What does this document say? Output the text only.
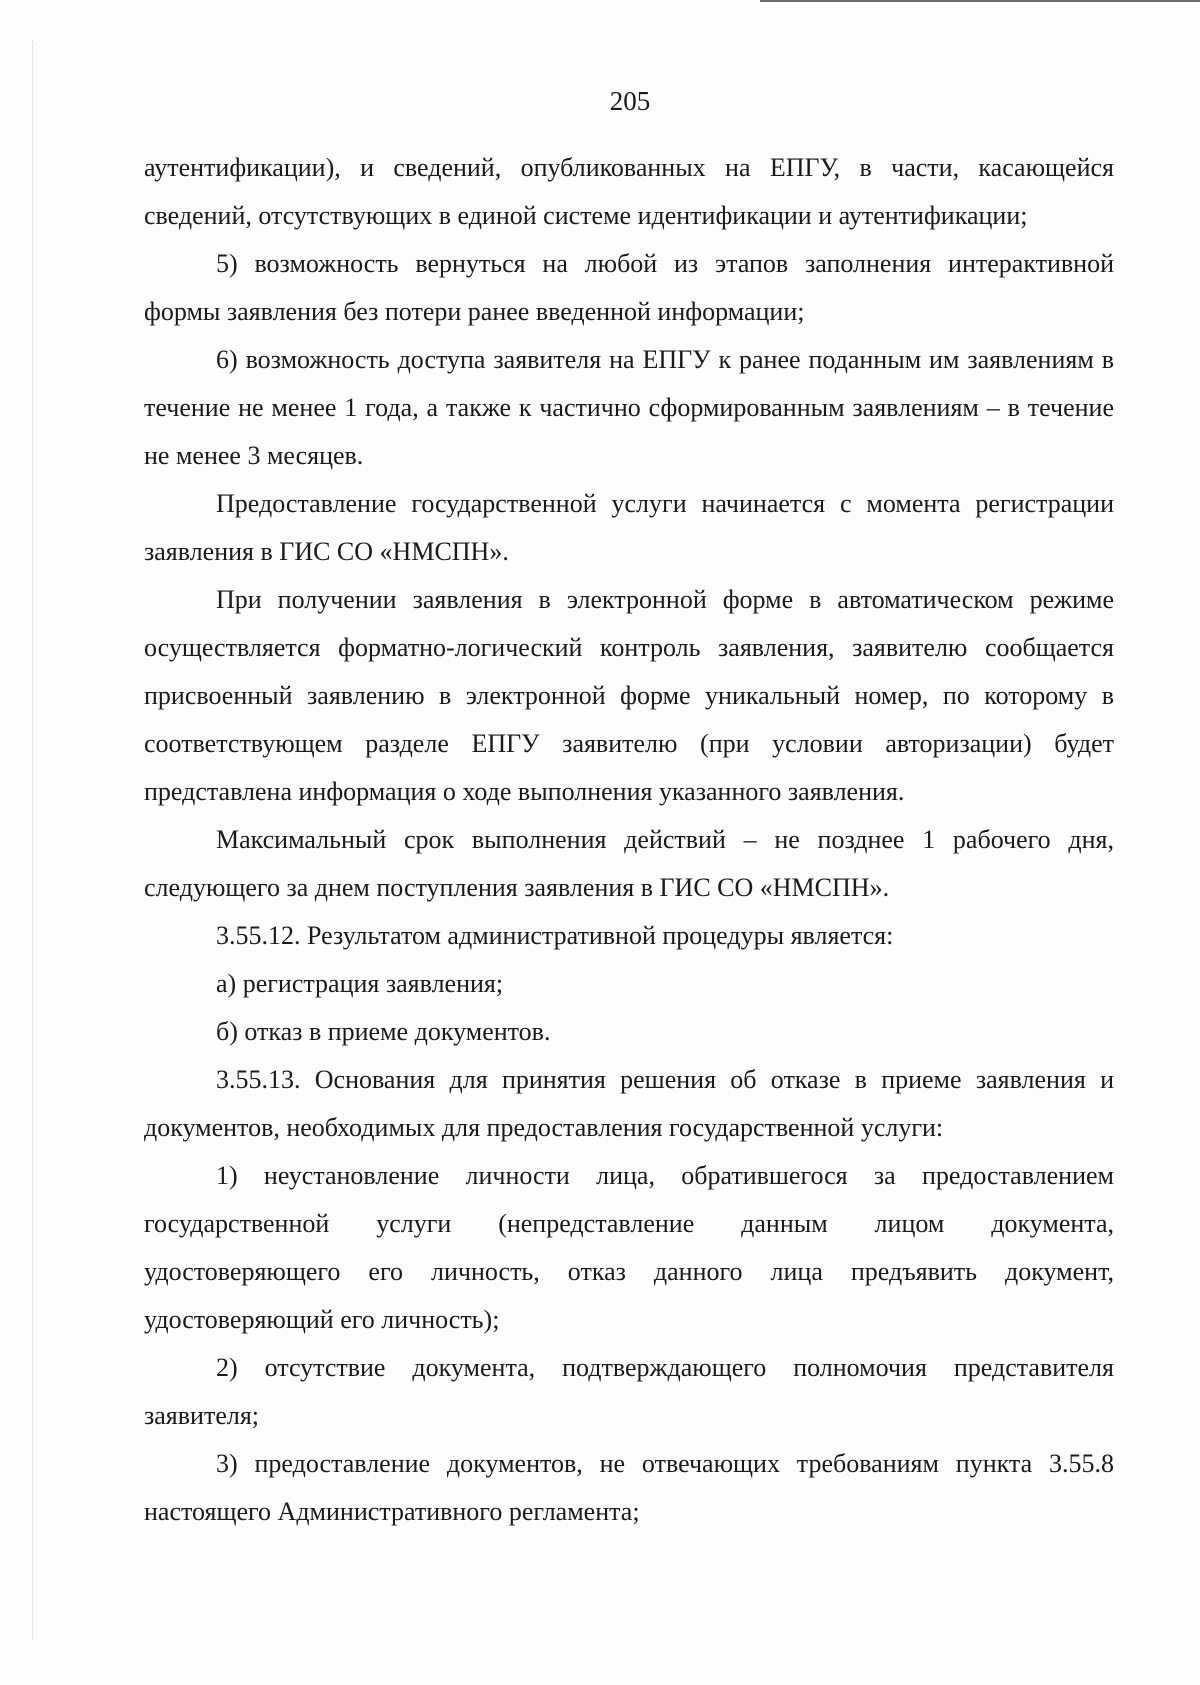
205

аутентификации), и сведений, опубликованных на ЕПГУ, в части, касающейся сведений, отсутствующих в единой системе идентификации и аутентификации;

5) возможность вернуться на любой из этапов заполнения интерактивной формы заявления без потери ранее введенной информации;

6) возможность доступа заявителя на ЕПГУ к ранее поданным им заявлениям в течение не менее 1 года, а также к частично сформированным заявлениям – в течение не менее 3 месяцев.

Предоставление государственной услуги начинается с момента регистрации заявления в ГИС СО «НМСПН».

При получении заявления в электронной форме в автоматическом режиме осуществляется форматно-логический контроль заявления, заявителю сообщается присвоенный заявлению в электронной форме уникальный номер, по которому в соответствующем разделе ЕПГУ заявителю (при условии авторизации) будет представлена информация о ходе выполнения указанного заявления.

Максимальный срок выполнения действий – не позднее 1 рабочего дня, следующего за днем поступления заявления в ГИС СО «НМСПН».

3.55.12. Результатом административной процедуры является:

а) регистрация заявления;

б) отказ в приеме документов.

3.55.13. Основания для принятия решения об отказе в приеме заявления и документов, необходимых для предоставления государственной услуги:

1) неустановление личности лица, обратившегося за предоставлением государственной услуги (непредставление данным лицом документа, удостоверяющего его личность, отказ данного лица предъявить документ, удостоверяющий его личность);

2) отсутствие документа, подтверждающего полномочия представителя заявителя;

3) предоставление документов, не отвечающих требованиям пункта 3.55.8 настоящего Административного регламента;
